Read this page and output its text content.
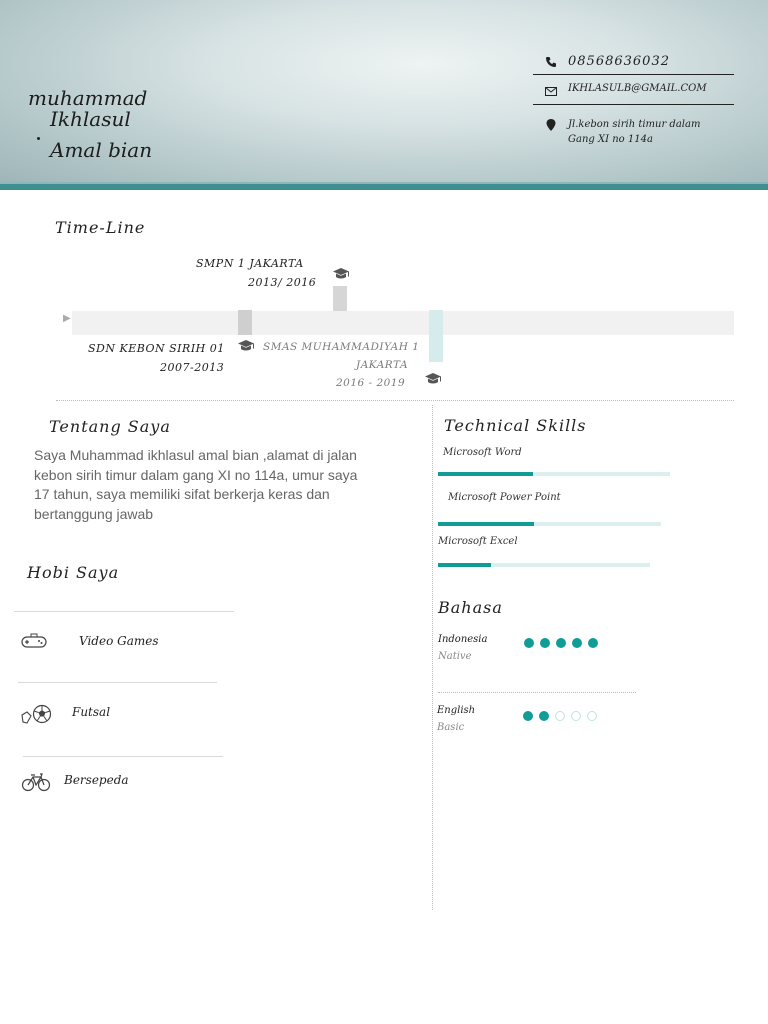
muhammad
Ikhlasul
Amal bian
08568636032
IKHLASULB@GMAIL.COM
Jl.kebon sirih timur dalam
Gang XI no 114a
Time-Line
SMPN 1 JAKARTA
2013/ 2016
▶
SDN KEBON SIRIH 01
2007-2013
SMAS MUHAMMADIYAH 1
JAKARTA
2016 - 2019
Tentang Saya
Saya Muhammad ikhlasul amal bian ,alamat di jalan kebon sirih timur dalam gang XI no 114a, umur saya 17 tahun, saya memiliki sifat berkerja keras dan bertanggung jawab
Hobi Saya
Video Games
Futsal
Bersepeda
Technical Skills
Microsoft Word
Microsoft Power Point
Microsoft Excel
Bahasa
Indonesia
Native
English
Basic
